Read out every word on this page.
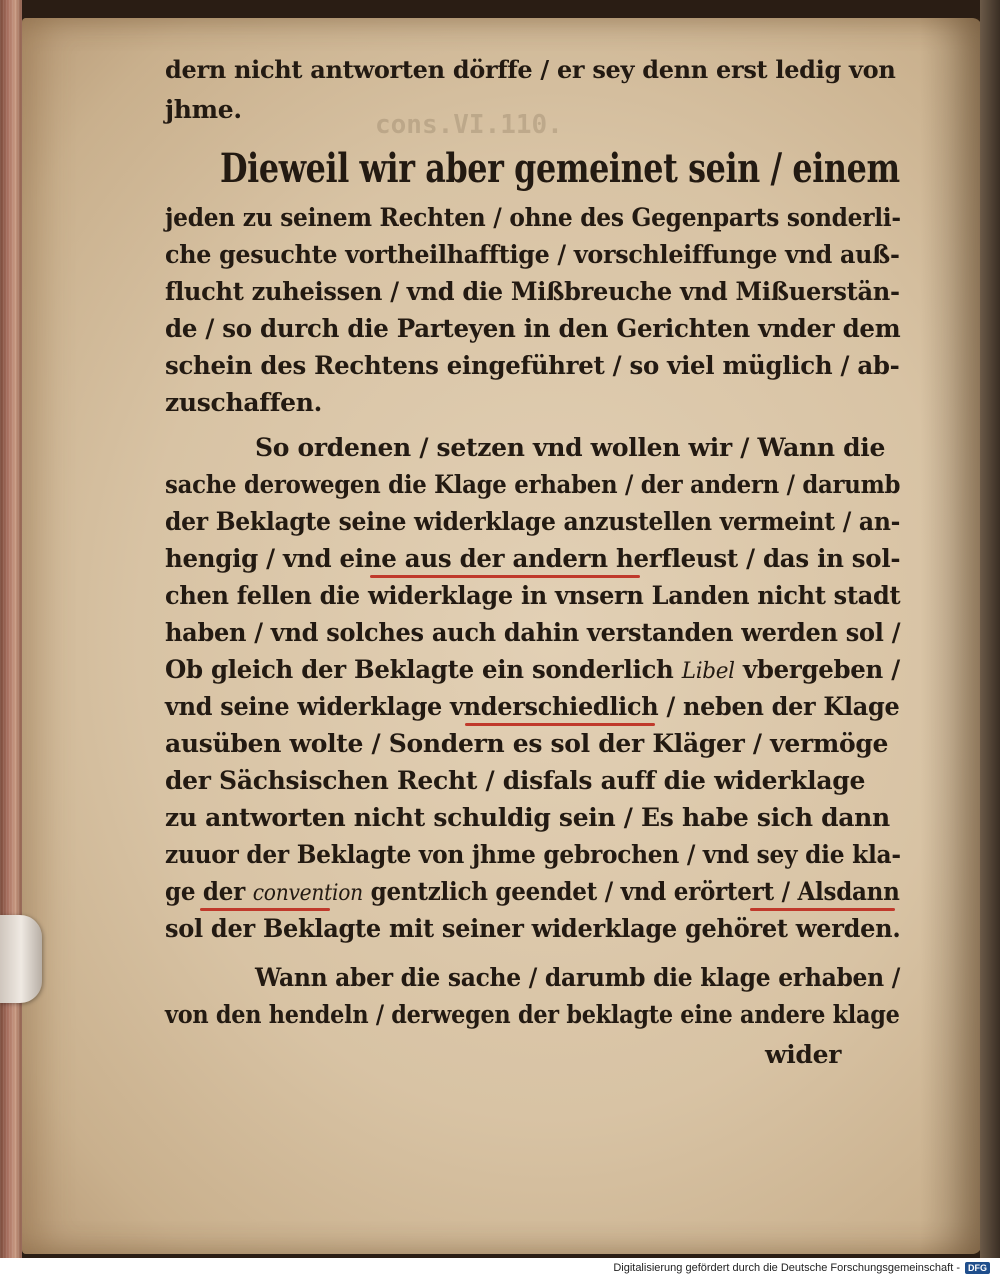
cons.VI.110.
dern nicht antworten dörffe / er sey denn erst ledig von
jhme.
Dieweil wir aber gemeinet sein / einem
jeden zu seinem Rechten / ohne des Gegenparts sonderli-
che gesuchte vortheilhafftige / vorschleiffunge vnd auß-
flucht zuheissen / vnd die Mißbreuche vnd Mißuerstän-
de / so durch die Parteyen in den Gerichten vnder dem
schein des Rechtens eingeführet / so viel müglich / ab-
zuschaffen.
So ordenen / setzen vnd wollen wir / Wann die
sache derowegen die Klage erhaben / der andern / darumb
der Beklagte seine widerklage anzustellen vermeint / an-
hengig / vnd eine aus der andern herfleust / das in sol-
chen fellen die widerklage in vnsern Landen nicht stadt
haben / vnd solches auch dahin verstanden werden sol /
Ob gleich der Beklagte ein sonderlich Libel vbergeben /
vnd seine widerklage vnderschiedlich / neben der Klage
ausüben wolte / Sondern es sol der Kläger / vermöge
der Sächsischen Recht / disfals auff die widerklage
zu antworten nicht schuldig sein / Es habe sich dann
zuuor der Beklagte von jhme gebrochen / vnd sey die kla-
ge der convention gentzlich geendet / vnd erörtert / Alsdann
sol der Beklagte mit seiner widerklage gehöret werden.
Wann aber die sache / darumb die klage erhaben /
von den hendeln / derwegen der beklagte eine andere klage
wider
Digitalisierung gefördert durch die Deutsche Forschungsgemeinschaft - DFG
